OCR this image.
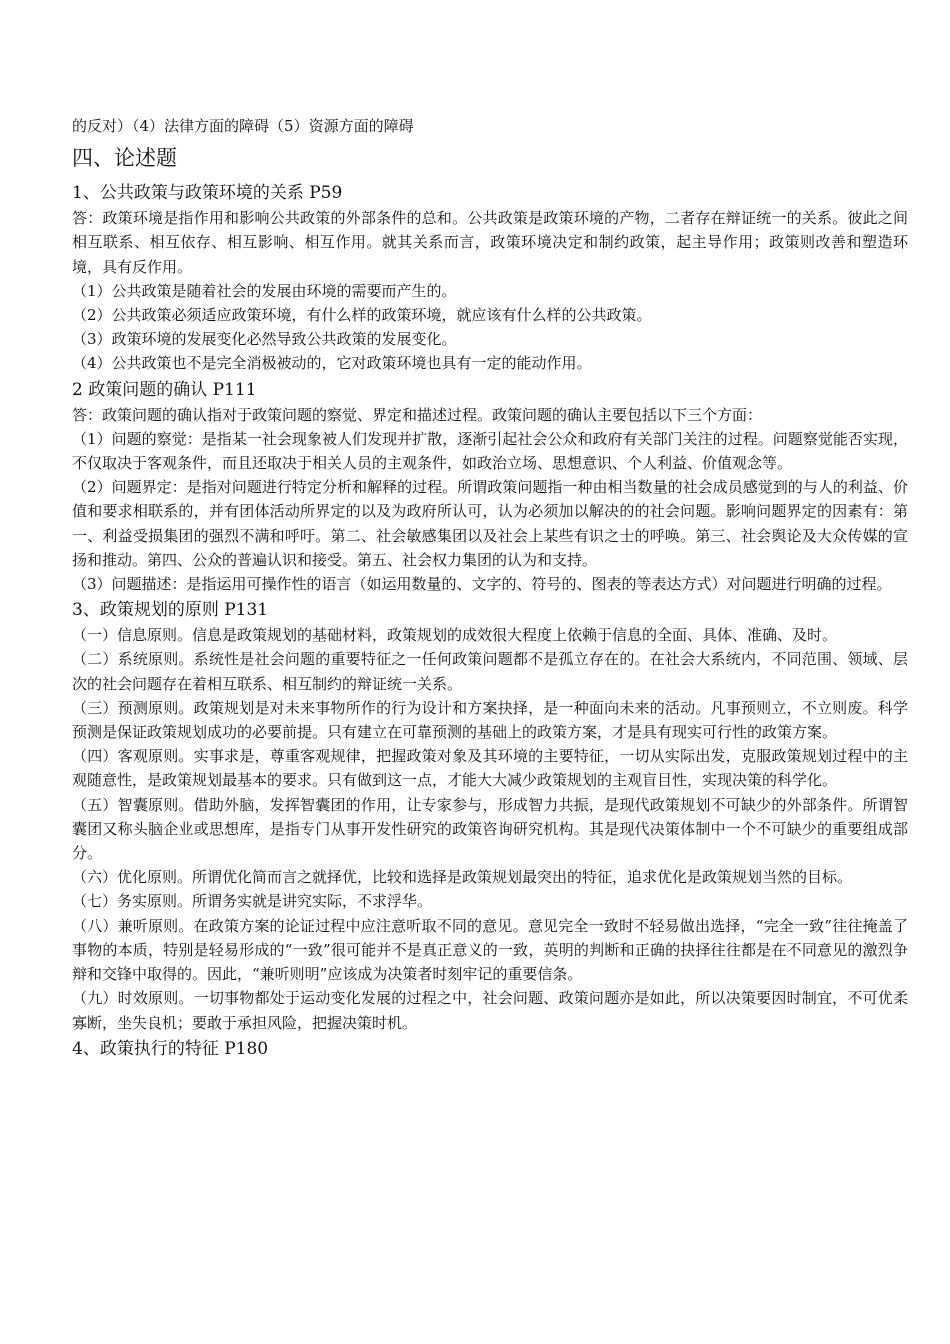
的反对）（4）法律方面的障碍（5）资源方面的障碍

四、论述题
1、公共政策与政策环境的关系 P59

答：政策环境是指作用和影响公共政策的外部条件的总和。公共政策是政策环境的产物，二者存在辩证统一的关系。彼此之间相互联系、相互依存、相互影响、相互作用。就其关系而言，政策环境决定和制约政策，起主导作用；政策则改善和塑造环境，具有反作用。

（1）公共政策是随着社会的发展由环境的需要而产生的。

（2）公共政策必须适应政策环境，有什么样的政策环境，就应该有什么样的公共政策。

（3）政策环境的发展变化必然导致公共政策的发展变化。

（4）公共政策也不是完全消极被动的，它对政策环境也具有一定的能动作用。

2 政策问题的确认 P111

答：政策问题的确认指对于政策问题的察觉、界定和描述过程。政策问题的确认主要包括以下三个方面：

（1）问题的察觉：是指某一社会现象被人们发现并扩散，逐渐引起社会公众和政府有关部门关注的过程。问题察觉能否实现，不仅取决于客观条件，而且还取决于相关人员的主观条件，如政治立场、思想意识、个人利益、价值观念等。

（2）问题界定：是指对问题进行特定分析和解释的过程。所谓政策问题指一种由相当数量的社会成员感觉到的与人的利益、价值和要求相联系的，并有团体活动所界定的以及为政府所认可，认为必须加以解决的的社会问题。影响问题界定的因素有：第一、利益受损集团的强烈不满和呼吁。第二、社会敏感集团以及社会上某些有识之士的呼唤。第三、社会舆论及大众传媒的宣扬和推动。第四、公众的普遍认识和接受。第五、社会权力集团的认为和支持。

（3）问题描述：是指运用可操作性的语言（如运用数量的、文字的、符号的、图表的等表达方式）对问题进行明确的过程。

3、政策规划的原则 P131

（一）信息原则。信息是政策规划的基础材料，政策规划的成效很大程度上依赖于信息的全面、具体、准确、及时。

（二）系统原则。系统性是社会问题的重要特征之一任何政策问题都不是孤立存在的。在社会大系统内，不同范围、领域、层次的社会问题存在着相互联系、相互制约的辩证统一关系。

（三）预测原则。政策规划是对未来事物所作的行为设计和方案抉择，是一种面向未来的活动。凡事预则立，不立则废。科学预测是保证政策规划成功的必要前提。只有建立在可靠预测的基础上的政策方案，才是具有现实可行性的政策方案。

（四）客观原则。实事求是，尊重客观规律，把握政策对象及其环境的主要特征，一切从实际出发，克服政策规划过程中的主观随意性，是政策规划最基本的要求。只有做到这一点，才能大大减少政策规划的主观盲目性，实现决策的科学化。

（五）智囊原则。借助外脑，发挥智囊团的作用，让专家参与，形成智力共振，是现代政策规划不可缺少的外部条件。所谓智囊团又称头脑企业或思想库，是指专门从事开发性研究的政策咨询研究机构。其是现代决策体制中一个不可缺少的重要组成部分。

（六）优化原则。所谓优化简而言之就择优，比较和选择是政策规划最突出的特征，追求优化是政策规划当然的目标。

（七）务实原则。所谓务实就是讲究实际，不求浮华。

（八）兼听原则。在政策方案的论证过程中应注意听取不同的意见。意见完全一致时不轻易做出选择，“完全一致”往往掩盖了事物的本质，特别是轻易形成的“一致”很可能并不是真正意义的一致，英明的判断和正确的抉择往往都是在不同意见的激烈争辩和交锋中取得的。因此，“兼听则明”应该成为决策者时刻牢记的重要信条。

（九）时效原则。一切事物都处于运动变化发展的过程之中，社会问题、政策问题亦是如此，所以决策要因时制宜，不可优柔寡断，坐失良机；要敢于承担风险，把握决策时机。

4、政策执行的特征 P180
